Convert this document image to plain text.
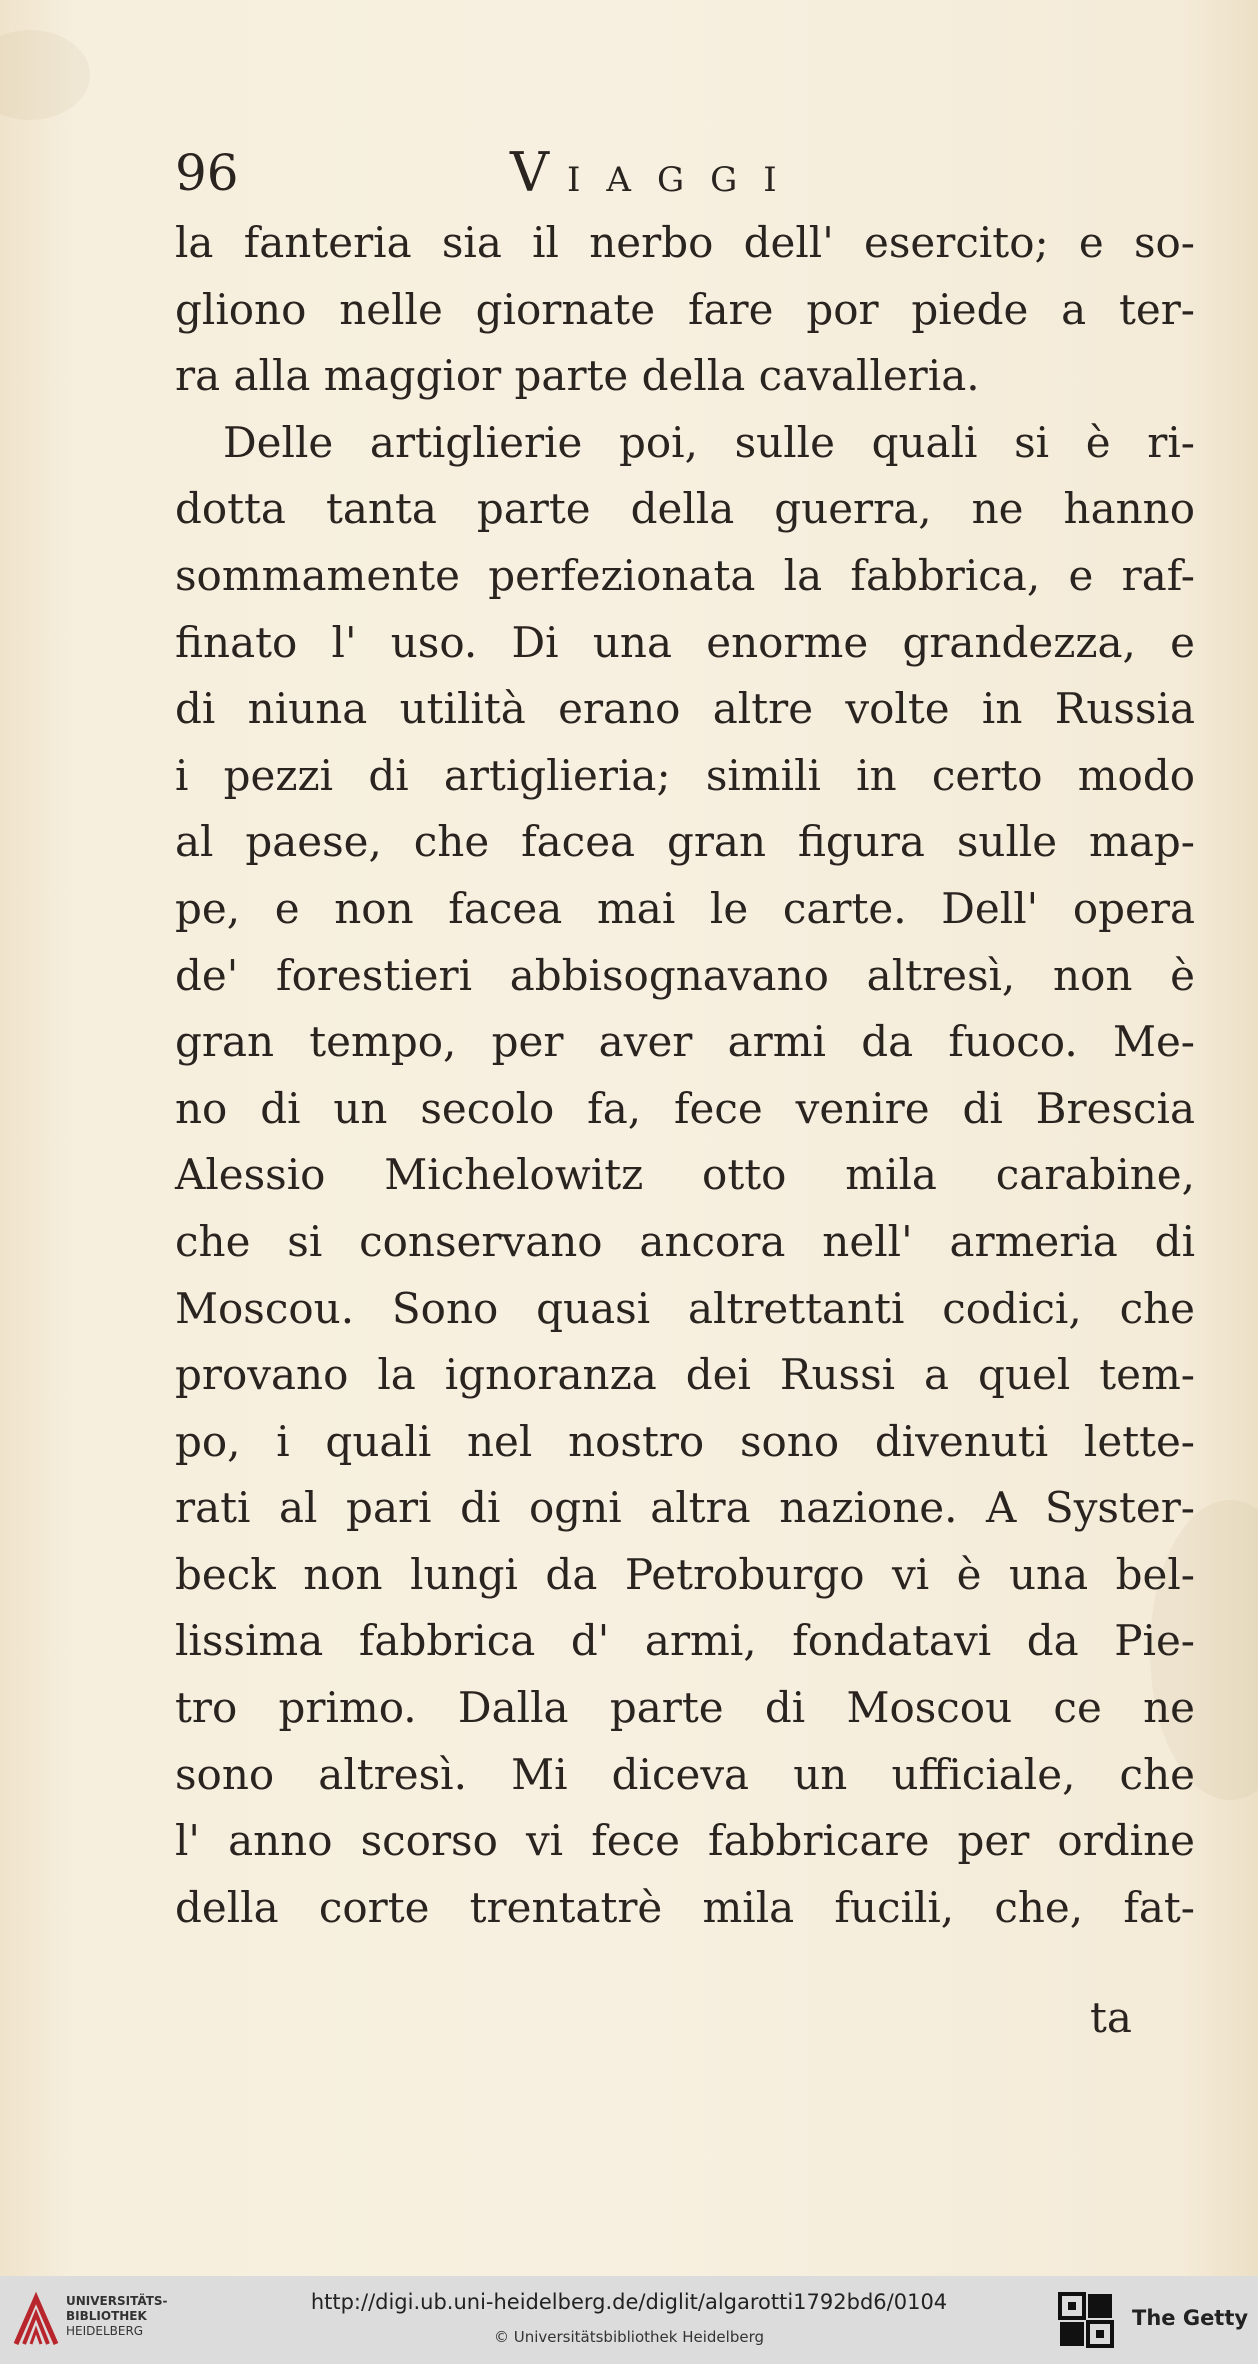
96	VIAGGI
la fanteria sia il nerbo dell' esercito; e so-
gliono nelle giornate fare por piede a ter-
ra alla maggior parte della cavalleria.
Delle artiglierie poi, sulle quali si è ri-
dotta tanta parte della guerra, ne hanno
sommamente perfezionata la fabbrica, e raf-
finato l' uso. Di una enorme grandezza, e
di niuna utilità erano altre volte in Russia
i pezzi di artiglieria; simili in certo modo
al paese, che facea gran figura sulle map-
pe, e non facea mai le carte. Dell' opera
de' forestieri abbisognavano altresì, non è
gran tempo, per aver armi da fuoco. Me-
no di un secolo fa, fece venire di Brescia
Alessio Michelowitz otto mila carabine,
che si conservano ancora nell' armeria di
Moscou. Sono quasi altrettanti codici, che
provano la ignoranza dei Russi a quel tem-
po, i quali nel nostro sono divenuti lette-
rati al pari di ogni altra nazione. A Syster-
beck non lungi da Petroburgo vi è una bel-
lissima fabbrica d' armi, fondatavi da Pie-
tro primo. Dalla parte di Moscou ce ne
sono altresì. Mi diceva un ufficiale, che
l' anno scorso vi fece fabbricare per ordine
della corte trentatrè mila fucili, che, fat-
ta
UNIVERSITÄTS-
BIBLIOTHEK
HEIDELBERG
http://digi.ub.uni-heidelberg.de/diglit/algarotti1792bd6/0104
© Universitätsbibliothek Heidelberg
The Getty
